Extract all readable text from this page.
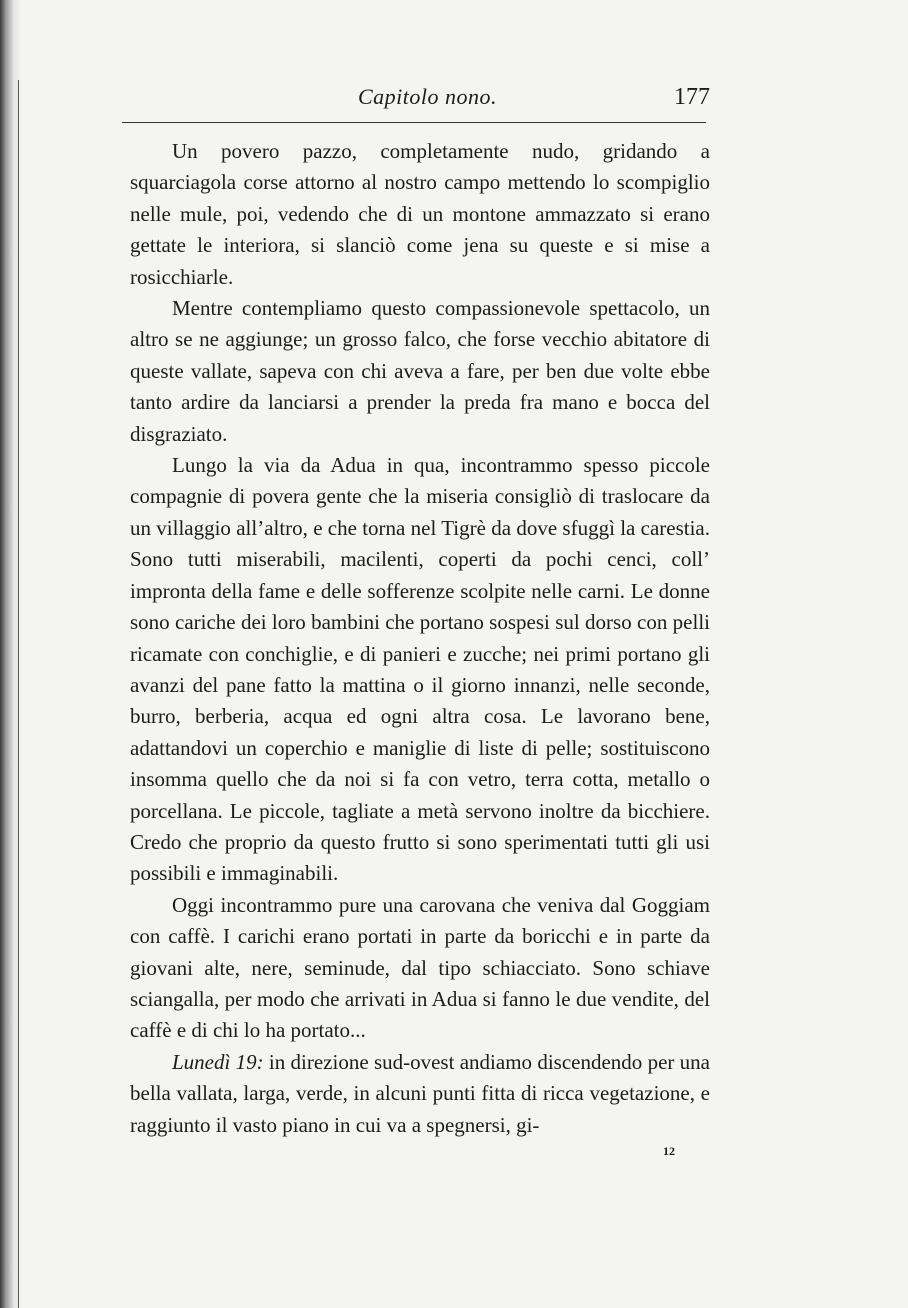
Capitolo nono.	177

Un povero pazzo, completamente nudo, gridando a squarciagola corse attorno al nostro campo mettendo lo scompiglio nelle mule, poi, vedendo che di un montone ammazzato si erano gettate le interiora, si slanciò come jena su queste e si mise a rosicchiarle.

Mentre contempliamo questo compassionevole spettacolo, un altro se ne aggiunge; un grosso falco, che forse vecchio abitatore di queste vallate, sapeva con chi aveva a fare, per ben due volte ebbe tanto ardire da lanciarsi a prender la preda fra mano e bocca del disgraziato.

Lungo la via da Adua in qua, incontrammo spesso piccole compagnie di povera gente che la miseria consigliò di traslocare da un villaggio all’altro, e che torna nel Tigrè da dove sfuggì la carestia. Sono tutti miserabili, macilenti, coperti da pochi cenci, coll’ impronta della fame e delle sofferenze scolpite nelle carni. Le donne sono cariche dei loro bambini che portano sospesi sul dorso con pelli ricamate con conchiglie, e di panieri e zucche; nei primi portano gli avanzi del pane fatto la mattina o il giorno innanzi, nelle seconde, burro, berberia, acqua ed ogni altra cosa. Le lavorano bene, adattandovi un coperchio e maniglie di liste di pelle; sostituiscono insomma quello che da noi si fa con vetro, terra cotta, metallo o porcellana. Le piccole, tagliate a metà servono inoltre da bicchiere. Credo che proprio da questo frutto si sono sperimentati tutti gli usi possibili e immaginabili.

Oggi incontrammo pure una carovana che veniva dal Goggiam con caffè. I carichi erano portati in parte da boricchi e in parte da giovani alte, nere, seminude, dal tipo schiacciato. Sono schiave sciangalla, per modo che arrivati in Adua si fanno le due vendite, del caffè e di chi lo ha portato...

Lunedì 19: in direzione sud-ovest andiamo discendendo per una bella vallata, larga, verde, in alcuni punti fitta di ricca vegetazione, e raggiunto il vasto piano in cui va a spegnersi, gi-

12
